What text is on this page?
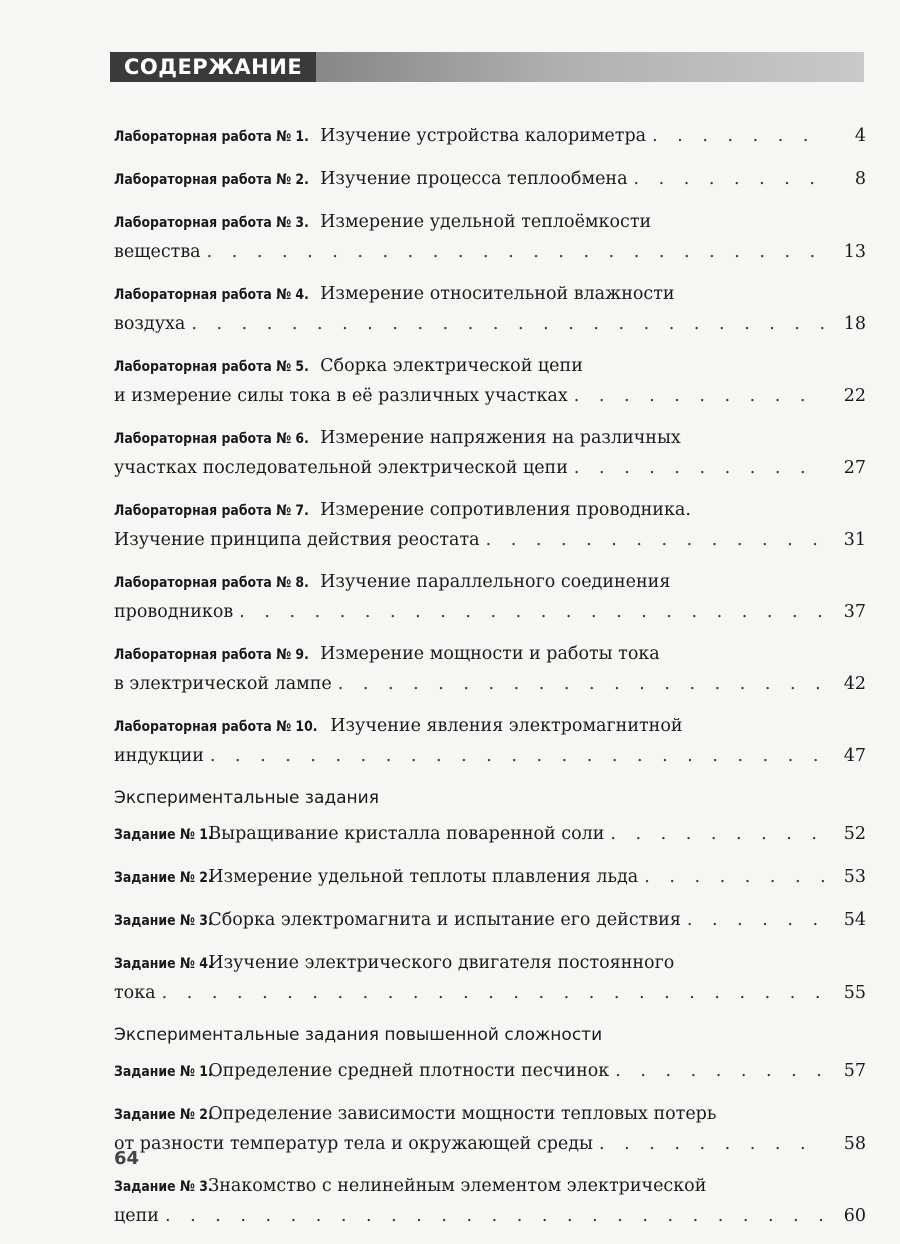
СОДЕРЖАНИЕ
Лабораторная работа № 1.
Изучение устройства калориметра . . .	4
Лабораторная работа № 2.
Изучение процесса теплообмена . . .	8
Лабораторная работа № 3.
Измерение удельной теплоёмкости
вещества . . .	13
Лабораторная работа № 4.
Измерение относительной влажности
воздуха . . .	18
Лабораторная работа № 5.
Сборка электрической цепи
и измерение силы тока в её различных участках . . .	22
Лабораторная работа № 6.
Измерение напряжения на различных
участках последовательной электрической цепи . . .	27
Лабораторная работа № 7.
Измерение сопротивления проводника.
Изучение принципа действия реостата . . .	31
Лабораторная работа № 8.
Изучение параллельного соединения
проводников . . .	37
Лабораторная работа № 9.
Измерение мощности и работы тока
в электрической лампе . . .	42
Лабораторная работа № 10.
Изучение явления электромагнитной
индукции . . .	47
Экспериментальные задания
Задание № 1.

Выращивание кристалла поваренной соли . . .	52
Задание № 2.

Измерение удельной теплоты плавления льда . . .	53
Задание № 3.

Сборка электромагнита и испытание его действия . . .	54
Задание № 4.

Изучение электрического двигателя постоянного
тока . . .	55
Экспериментальные задания повышенной сложности
Задание № 1.

Определение средней плотности песчинок . . .	57
Задание № 2.

Определение зависимости мощности тепловых потерь
от разности температур тела и окружающей среды . . .	58
Задание № 3.

Знакомство с нелинейным элементом электрической
цепи . . .	60
64
